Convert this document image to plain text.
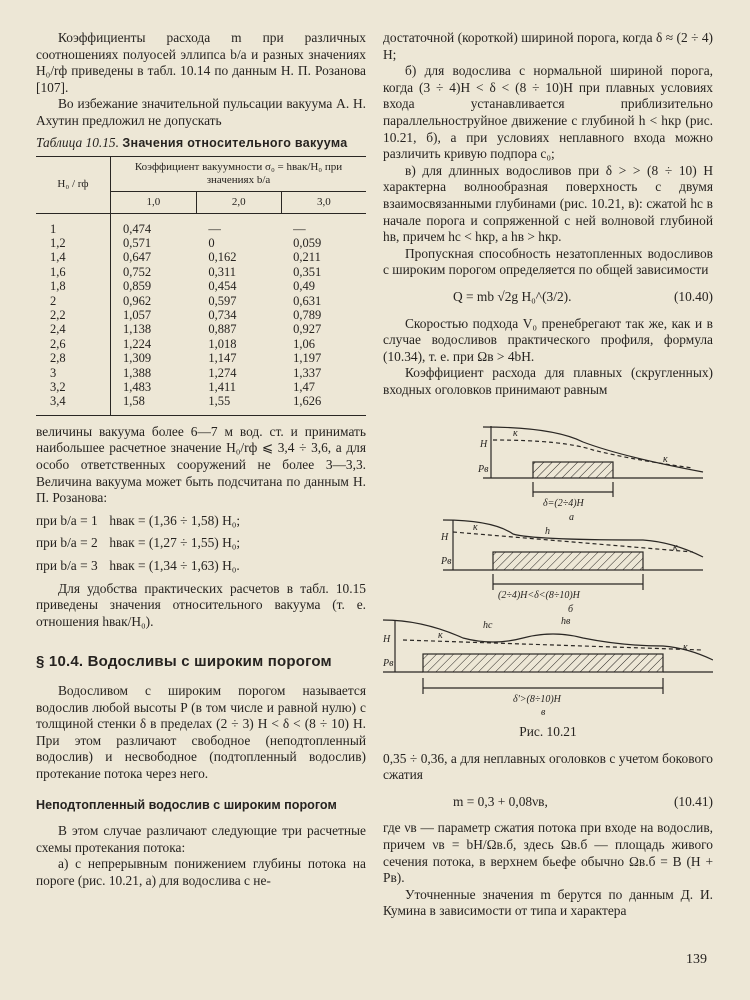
Коэффициенты расхода m при различных соотношениях полуосей эллипса b/a и разных значениях H₀/rф приведены в табл. 10.14 по данным Н. П. Розанова [107].

Во избежание значительной пульсации вакуума А. Н. Ахутин предложил не допускать

Таблица 10.15. Значения относительного вакуума
H₀ / rф	Коэффициент вакуумности σ₀ = hвак/H₀ при значениях b/a		
	1,0	2,0	3,0

1	0,474	—	—
1,2	0,571	0	0,059
1,4	0,647	0,162	0,211
1,6	0,752	0,311	0,351
1,8	0,859	0,454	0,49
2	0,962	0,597	0,631
2,2	1,057	0,734	0,789
2,4	1,138	0,887	0,927
2,6	1,224	1,018	1,06
2,8	1,309	1,147	1,197
3	1,388	1,274	1,337
3,2	1,483	1,411	1,47
3,4	1,58	1,55	1,626

величины вакуума более 6—7 м вод. ст. и принимать наибольшее расчетное значение H₀/rф ⩽ 3,4 ÷ 3,6, а для особо ответственных сооружений не более 3—3,3. Величина вакуума может быть подсчитана по данным Н. П. Розанова:

при b/a = 1 hвак = (1,36 ÷ 1,58) H₀;
при b/a = 2 hвак = (1,27 ÷ 1,55) H₀;
при b/a = 3 hвак = (1,34 ÷ 1,63) H₀.

Для удобства практических расчетов в табл. 10.15 приведены значения относительного вакуума (т. е. отношения hвак/H₀).

§ 10.4. Водосливы с широким порогом

Водосливом с широким порогом называется водослив любой высоты P (в том числе и равной нулю) с толщиной стенки δ в пределах (2 ÷ 3) H < δ < (8 ÷ 10) H. При этом различают свободное (неподтопленный водослив) и несвободное (подтопленный водослив) протекание потока через него.

Неподтопленный водослив с широким порогом

В этом случае различают следующие три расчетные схемы протекания потока:

а) с непрерывным понижением глубины потока на пороге (рис. 10.21, а) для водослива с не-

достаточной (короткой) шириной порога, когда δ ≈ (2 ÷ 4) H;

б) для водослива с нормальной шириной порога, когда (3 ÷ 4)H < δ < (8 ÷ 10)H при плавных условиях входа устанавливается приблизительно параллельноструйное движение с глубиной h < hкр (рис. 10.21, б), а при условиях неплавного входа можно различить кривую подпора c₀;

в) для длинных водосливов при δ > > (8 ÷ 10) H характерна волнообразная поверхность с двумя взаимосвязанными глубинами (рис. 10.21, в): сжатой hс в начале порога и сопряженной с ней волновой глубиной hв, причем hс < hкр, а hв > hкр.

Пропускная способность незатопленных водосливов с широким порогом определяется по общей зависимости

Q = mb √2g H₀^(3/2).	(10.40)

Скоростью подхода V₀ пренебрегают так же, как и в случае водосливов практического профиля, формула (10.34), т. е. при Ωв > 4bH.

Коэффициент расхода для плавных (скругленных) входных оголовков принимают равным

H
Pв
к
к
δ=(2÷4)H
а
H
Pв
к
к
h
(2÷4)H<δ<(8÷10)H
б
H
Pв
к
к
hс	hв
δ'>(8÷10)H
в
Рис. 10.21

0,35 ÷ 0,36, а для неплавных оголовков с учетом бокового сжатия

m = 0,3 + 0,08νв,	(10.41)

где νв — параметр сжатия потока при входе на водослив, причем νв = bH/Ωв.б, здесь Ωв.б — площадь живого сечения потока, в верхнем бьефе обычно Ωв.б = B (H + Pв).

Уточненные значения m берутся по данным Д. И. Кумина в зависимости от типа и характера

139
